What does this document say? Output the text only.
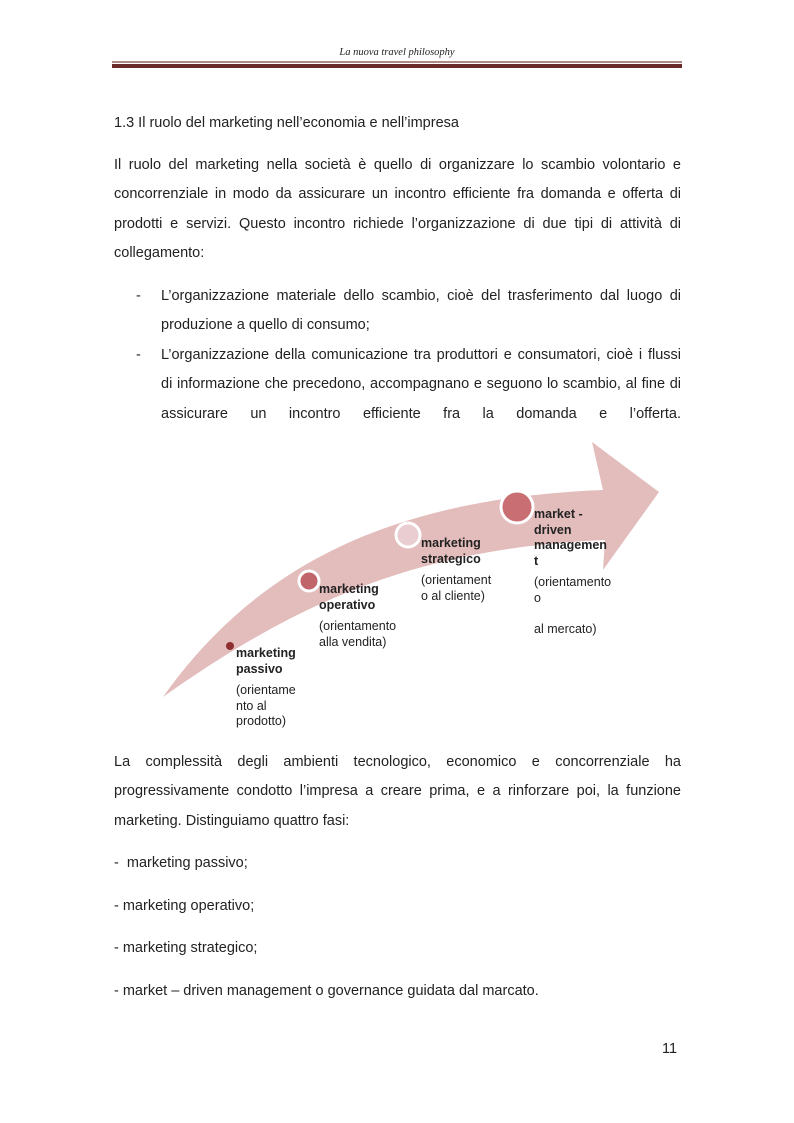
La nuova travel philosophy
1.3 Il ruolo del marketing nell’economia e nell’impresa
Il ruolo del marketing nella società è quello di organizzare lo scambio volontario e
concorrenziale in modo da assicurare un incontro efficiente fra domanda e offerta di
prodotti e servizi. Questo incontro richiede l’organizzazione di due tipi di attività di
collegamento:
- L’organizzazione materiale dello scambio, cioè del trasferimento dal luogo di
produzione a quello di consumo;
- L’organizzazione della comunicazione tra produttori e consumatori, cioè i flussi
di informazione che precedono, accompagnano e seguono lo scambio, al fine di
assicurare un incontro efficiente fra la domanda e l’offerta.
marketing
passivo
(orientame
nto al
prodotto)
marketing
operativo
(orientamento
alla vendita)
marketing
strategico
(orientament
o al cliente)
market -
driven
managemen
t
(orientamento
o
al mercato)
La complessità degli ambienti tecnologico, economico e concorrenziale ha
progressivamente condotto l’impresa a creare prima, e a rinforzare poi, la funzione
marketing. Distinguiamo quattro fasi:
-  marketing passivo;
- marketing operativo;
- marketing strategico;
- market – driven management o governance guidata dal marcato.
11
